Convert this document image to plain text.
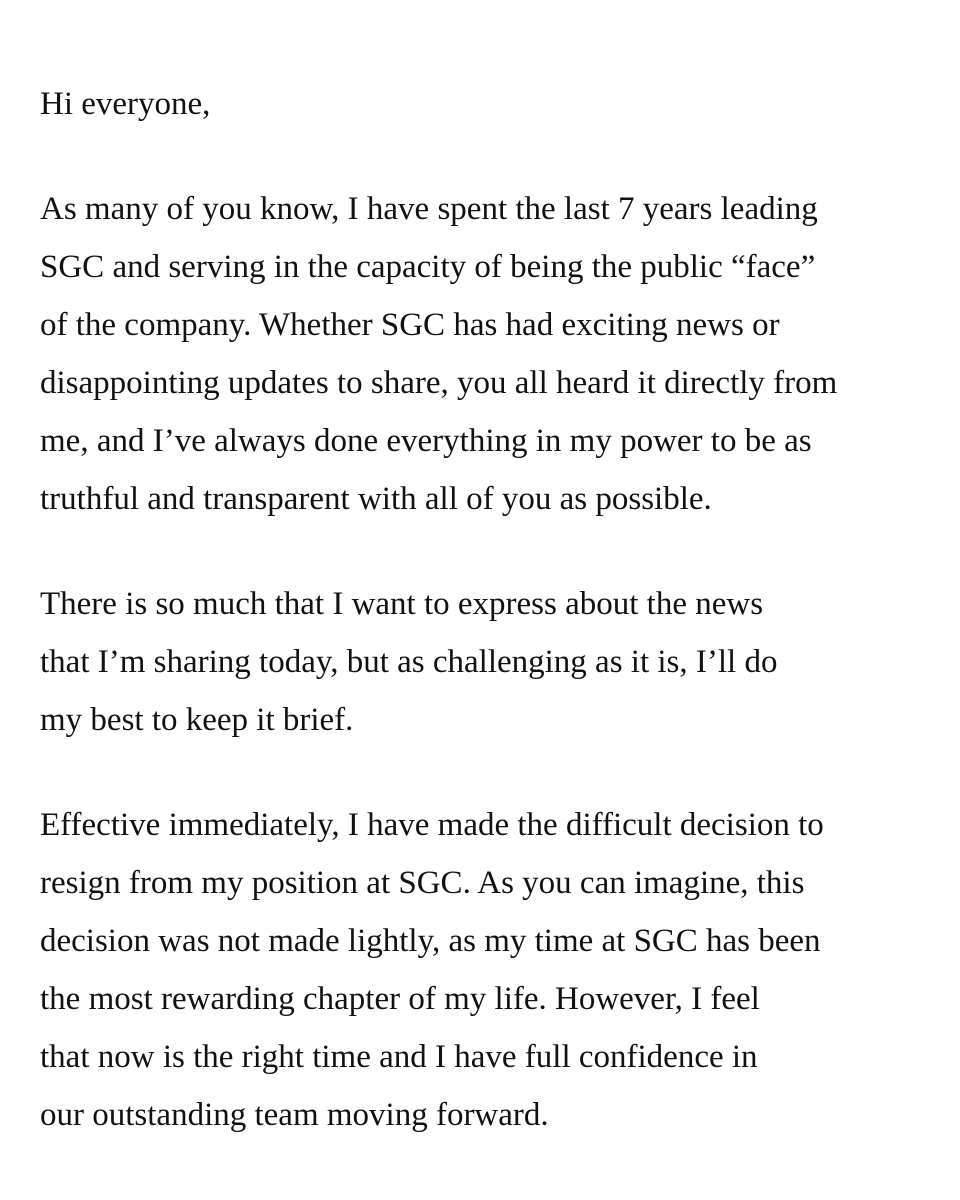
Hi everyone,

As many of you know, I have spent the last 7 years leading
SGC and serving in the capacity of being the public “face”
of the company. Whether SGC has had exciting news or
disappointing updates to share, you all heard it directly from
me, and I’ve always done everything in my power to be as
truthful and transparent with all of you as possible.

There is so much that I want to express about the news
that I’m sharing today, but as challenging as it is, I’ll do
my best to keep it brief.

Effective immediately, I have made the difficult decision to
resign from my position at SGC. As you can imagine, this
decision was not made lightly, as my time at SGC has been
the most rewarding chapter of my life. However, I feel
that now is the right time and I have full confidence in
our outstanding team moving forward.
